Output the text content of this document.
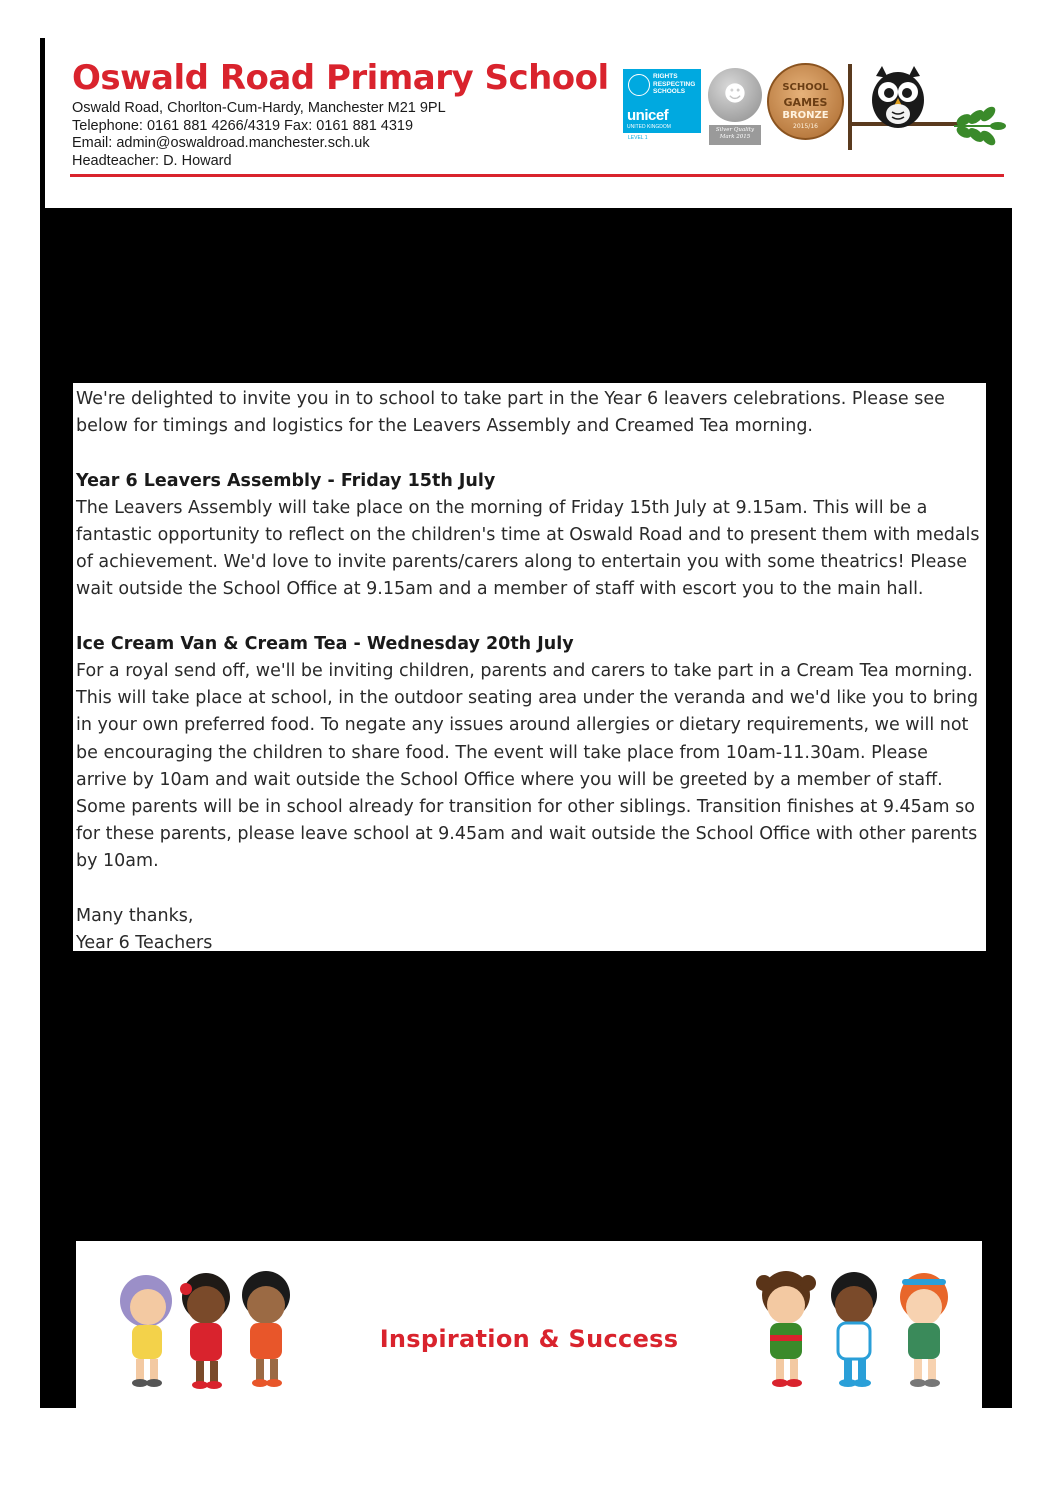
Oswald Road Primary School
Oswald Road, Chorlton-Cum-Hardy, Manchester M21 9PL
Telephone: 0161 881 4266/4319 Fax: 0161 881 4319
Email: admin@oswaldroad.manchester.sch.uk
Headteacher: D. Howard
RIGHTS RESPECTING SCHOOLS
unicef
UNITED KINGDOM
LEVEL 1
☻
Silver Quality Mark 2015
SCHOOL
GAMES
BRONZE
2015/16

We're delighted to invite you in to school to take part in the Year 6 leavers celebrations. Please see below for timings and logistics for the Leavers Assembly and Creamed Tea morning.

Year 6 Leavers Assembly - Friday 15th July

The Leavers Assembly will take place on the morning of Friday 15th July at 9.15am. This will be a fantastic opportunity to reflect on the children's time at Oswald Road and to present them with medals of achievement. We'd love to invite parents/carers along to entertain you with some theatrics! Please wait outside the School Office at 9.15am and a member of staff with escort you to the main hall.

Ice Cream Van & Cream Tea - Wednesday 20th July

For a royal send off, we'll be inviting children, parents and carers to take part in a Cream Tea morning. This will take place at school, in the outdoor seating area under the veranda and we'd like you to bring in your own preferred food. To negate any issues around allergies or dietary requirements, we will not be encouraging the children to share food. The event will take place from 10am-11.30am. Please arrive by 10am and wait outside the School Office where you will be greeted by a member of staff. Some parents will be in school already for transition for other siblings. Transition finishes at 9.45am so for these parents, please leave school at 9.45am and wait outside the School Office with other parents by 10am.

Many thanks,

Year 6 Teachers

Inspiration & Success
